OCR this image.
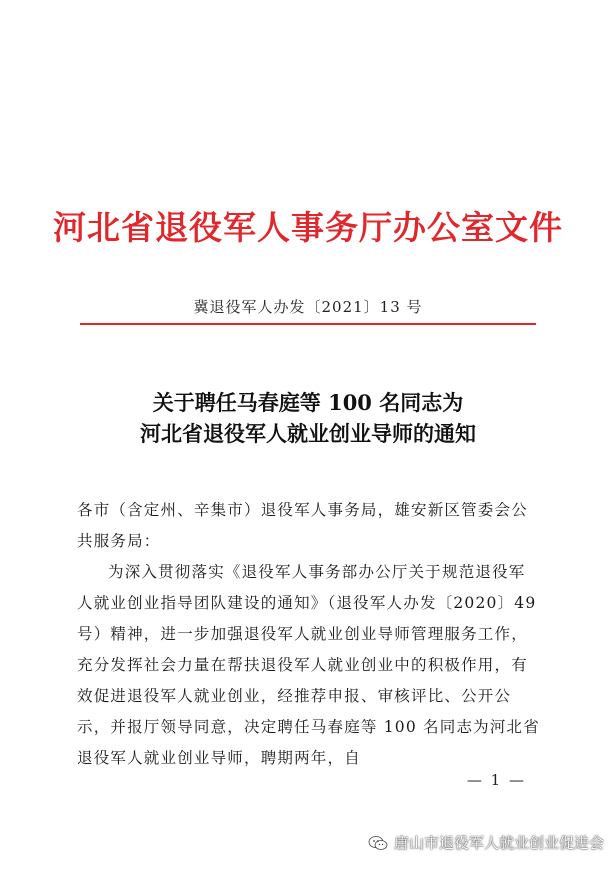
河北省退役军人事务厅办公室文件
冀退役军人办发〔2021〕13 号
关于聘任马春庭等 100 名同志为
河北省退役军人就业创业导师的通知

各市（含定州、辛集市）退役军人事务局，雄安新区管委会公共服务局：

为深入贯彻落实《退役军人事务部办公厅关于规范退役军人就业创业指导团队建设的通知》（退役军人办发〔2020〕49 号）精神，进一步加强退役军人就业创业导师管理服务工作，充分发挥社会力量在帮扶退役军人就业创业中的积极作用，有效促进退役军人就业创业，经推荐申报、审核评比、公开公示，并报厅领导同意，决定聘任马春庭等 100 名同志为河北省退役军人就业创业导师，聘期两年，自

— 1 —
唐山市退役军人就业创业促进会
